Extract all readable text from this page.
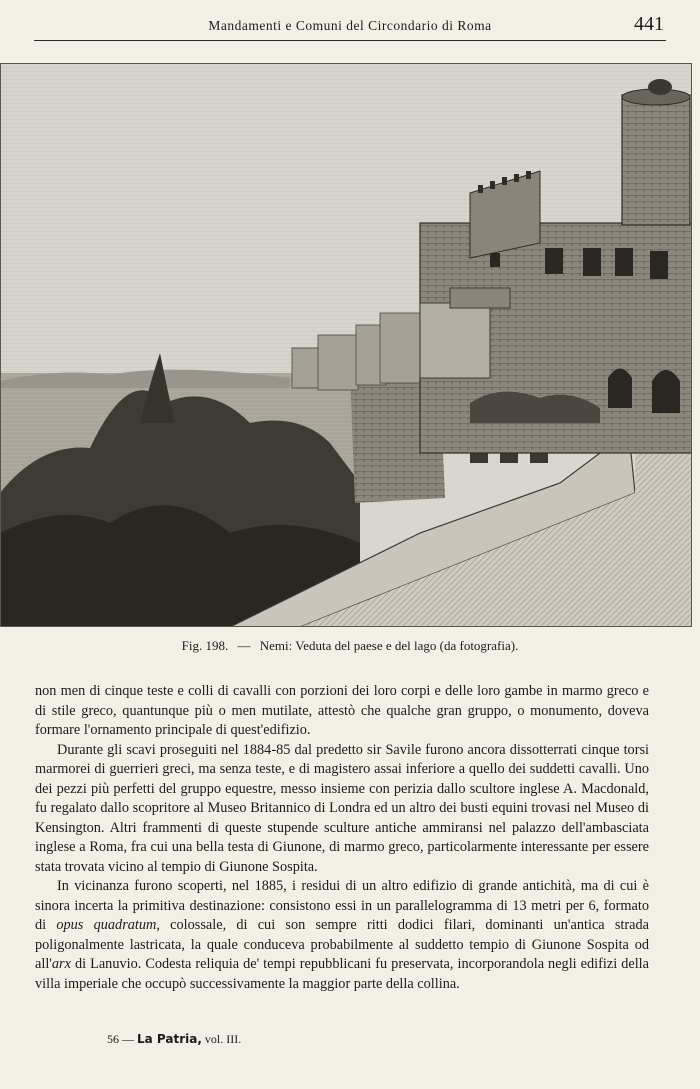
Mandamenti e Comuni del Circondario di Roma	441
Fig. 198. — Nemi: Veduta del paese e del lago (da fotografia).

non men di cinque teste e colli di cavalli con porzioni dei loro corpi e delle loro gambe in marmo greco e di stile greco, quantunque più o men mutilate, attestò che qualche gran gruppo, o monumento, doveva formare l'ornamento principale di quest'edifizio.

Durante gli scavi proseguiti nel 1884-85 dal predetto sir Savile furono ancora dissotterrati cinque torsi marmorei di guerrieri greci, ma senza teste, e di magistero assai inferiore a quello dei suddetti cavalli. Uno dei pezzi più perfetti del gruppo equestre, messo insieme con perizia dallo scultore inglese A. Macdonald, fu regalato dallo scopritore al Museo Britannico di Londra ed un altro dei busti equini trovasi nel Museo di Kensington. Altri frammenti di queste stupende sculture antiche ammiransi nel palazzo dell'ambasciata inglese a Roma, fra cui una bella testa di Giunone, di marmo greco, particolarmente interessante per essere stata trovata vicino al tempio di Giunone Sospita.

In vicinanza furono scoperti, nel 1885, i residui di un altro edifizio di grande antichità, ma di cui è sinora incerta la primitiva destinazione: consistono essi in un parallelogramma di 13 metri per 6, formato di opus quadratum, colossale, di cui son sempre ritti dodici filari, dominanti un'antica strada poligonalmente lastricata, la quale conduceva probabilmente al suddetto tempio di Giunone Sospita od all'arx di Lanuvio. Codesta reliquia de' tempi repubblicani fu preservata, incorporandola negli edifizi della villa imperiale che occupò successivamente la maggior parte della collina.

56 — La Patria, vol. III.
